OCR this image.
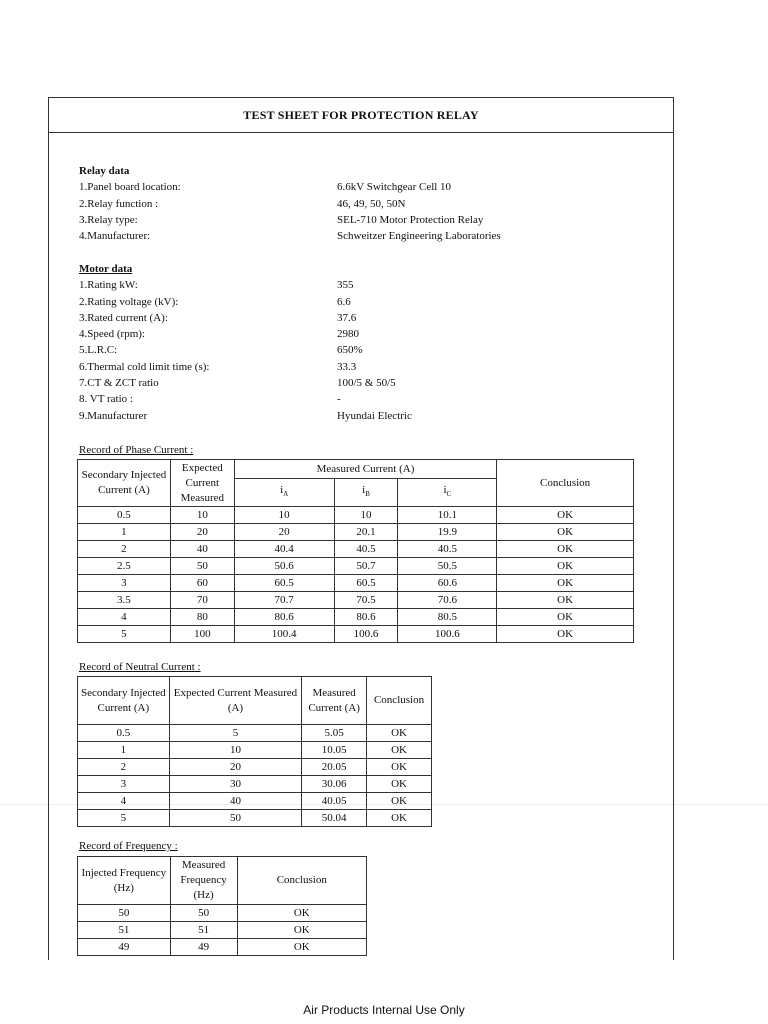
TEST SHEET FOR PROTECTION RELAY
Relay data
1.Panel board location:	6.6kV Switchgear Cell 10
2.Relay function :	46, 49, 50, 50N
3.Relay type:	SEL-710 Motor Protection Relay
4.Manufacturer:	Schweitzer Engineering Laboratories
Motor data
1.Rating kW:	355
2.Rating voltage (kV):	6.6
3.Rated current (A):	37.6
4.Speed (rpm):	2980
5.L.R.C:	650%
6.Thermal cold limit time (s):	33.3
7.CT & ZCT ratio	100/5 & 50/5
8. VT ratio :	-
9.Manufacturer	Hyundai Electric
Record of Phase Current :
Secondary Injected Current (A)	Expected Current Measured	Measured Current (A)			Conclusion
		$i_A$	$i_B$	$i_C$
0.5	10	10	10	10.1	OK
1	20	20	20.1	19.9	OK
2	40	40.4	40.5	40.5	OK
2.5	50	50.6	50.7	50.5	OK
3	60	60.5	60.5	60.6	OK
3.5	70	70.7	70.5	70.6	OK
4	80	80.6	80.6	80.5	OK
5	100	100.4	100.6	100.6	OK
Record of Neutral Current :
Secondary Injected Current (A)	Expected Current Measured (A)	Measured Current (A)	Conclusion
0.5	5	5.05	OK
1	10	10.05	OK
2	20	20.05	OK
3	30	30.06	OK
4	40	40.05	OK
5	50	50.04	OK
Record of Frequency :
Injected Frequency (Hz)	Measured Frequency (Hz)	Conclusion
50	50	OK
51	51	OK
49	49	OK
Air Products Internal Use Only
